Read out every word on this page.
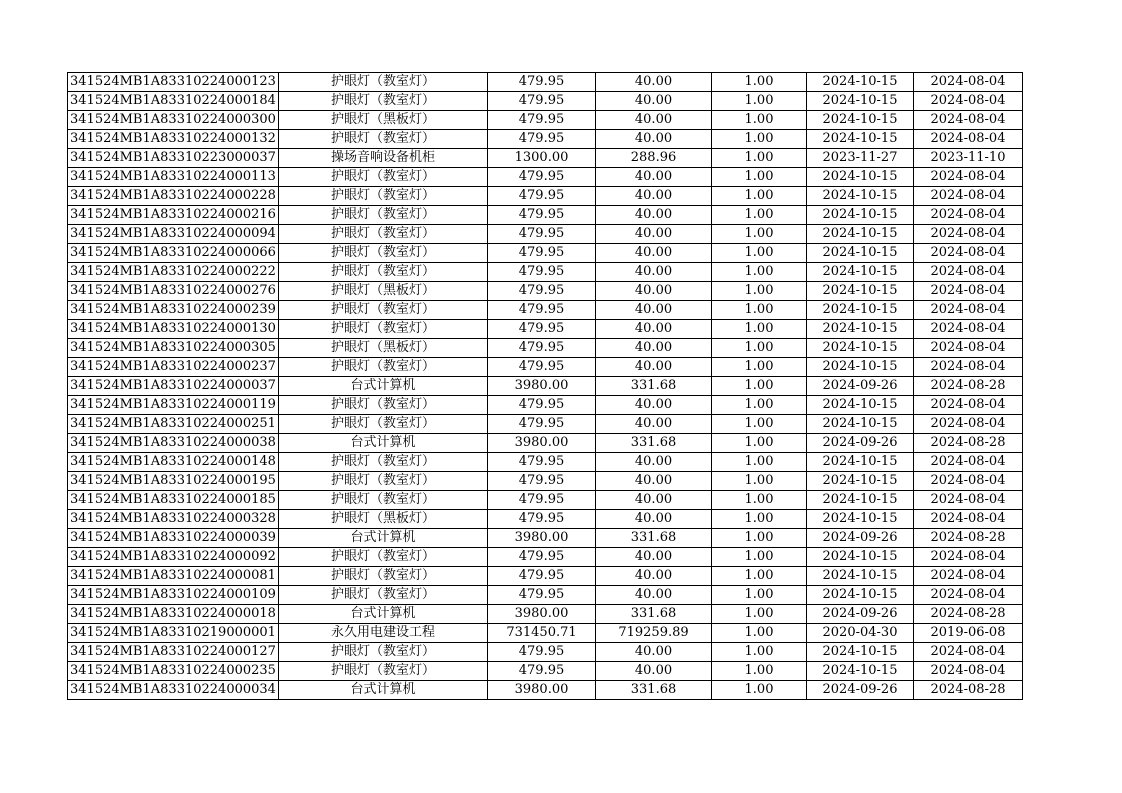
341524MB1A83310224000123	护眼灯（教室灯）	479.95	40.00	1.00	2024-10-15	2024-08-04
341524MB1A83310224000184	护眼灯（教室灯）	479.95	40.00	1.00	2024-10-15	2024-08-04
341524MB1A83310224000300	护眼灯（黑板灯）	479.95	40.00	1.00	2024-10-15	2024-08-04
341524MB1A83310224000132	护眼灯（教室灯）	479.95	40.00	1.00	2024-10-15	2024-08-04
341524MB1A83310223000037	操场音响设备机柜	1300.00	288.96	1.00	2023-11-27	2023-11-10
341524MB1A83310224000113	护眼灯（教室灯）	479.95	40.00	1.00	2024-10-15	2024-08-04
341524MB1A83310224000228	护眼灯（教室灯）	479.95	40.00	1.00	2024-10-15	2024-08-04
341524MB1A83310224000216	护眼灯（教室灯）	479.95	40.00	1.00	2024-10-15	2024-08-04
341524MB1A83310224000094	护眼灯（教室灯）	479.95	40.00	1.00	2024-10-15	2024-08-04
341524MB1A83310224000066	护眼灯（教室灯）	479.95	40.00	1.00	2024-10-15	2024-08-04
341524MB1A83310224000222	护眼灯（教室灯）	479.95	40.00	1.00	2024-10-15	2024-08-04
341524MB1A83310224000276	护眼灯（黑板灯）	479.95	40.00	1.00	2024-10-15	2024-08-04
341524MB1A83310224000239	护眼灯（教室灯）	479.95	40.00	1.00	2024-10-15	2024-08-04
341524MB1A83310224000130	护眼灯（教室灯）	479.95	40.00	1.00	2024-10-15	2024-08-04
341524MB1A83310224000305	护眼灯（黑板灯）	479.95	40.00	1.00	2024-10-15	2024-08-04
341524MB1A83310224000237	护眼灯（教室灯）	479.95	40.00	1.00	2024-10-15	2024-08-04
341524MB1A83310224000037	台式计算机	3980.00	331.68	1.00	2024-09-26	2024-08-28
341524MB1A83310224000119	护眼灯（教室灯）	479.95	40.00	1.00	2024-10-15	2024-08-04
341524MB1A83310224000251	护眼灯（教室灯）	479.95	40.00	1.00	2024-10-15	2024-08-04
341524MB1A83310224000038	台式计算机	3980.00	331.68	1.00	2024-09-26	2024-08-28
341524MB1A83310224000148	护眼灯（教室灯）	479.95	40.00	1.00	2024-10-15	2024-08-04
341524MB1A83310224000195	护眼灯（教室灯）	479.95	40.00	1.00	2024-10-15	2024-08-04
341524MB1A83310224000185	护眼灯（教室灯）	479.95	40.00	1.00	2024-10-15	2024-08-04
341524MB1A83310224000328	护眼灯（黑板灯）	479.95	40.00	1.00	2024-10-15	2024-08-04
341524MB1A83310224000039	台式计算机	3980.00	331.68	1.00	2024-09-26	2024-08-28
341524MB1A83310224000092	护眼灯（教室灯）	479.95	40.00	1.00	2024-10-15	2024-08-04
341524MB1A83310224000081	护眼灯（教室灯）	479.95	40.00	1.00	2024-10-15	2024-08-04
341524MB1A83310224000109	护眼灯（教室灯）	479.95	40.00	1.00	2024-10-15	2024-08-04
341524MB1A83310224000018	台式计算机	3980.00	331.68	1.00	2024-09-26	2024-08-28
341524MB1A83310219000001	永久用电建设工程	731450.71	719259.89	1.00	2020-04-30	2019-06-08
341524MB1A83310224000127	护眼灯（教室灯）	479.95	40.00	1.00	2024-10-15	2024-08-04
341524MB1A83310224000235	护眼灯（教室灯）	479.95	40.00	1.00	2024-10-15	2024-08-04
341524MB1A83310224000034	台式计算机	3980.00	331.68	1.00	2024-09-26	2024-08-28
